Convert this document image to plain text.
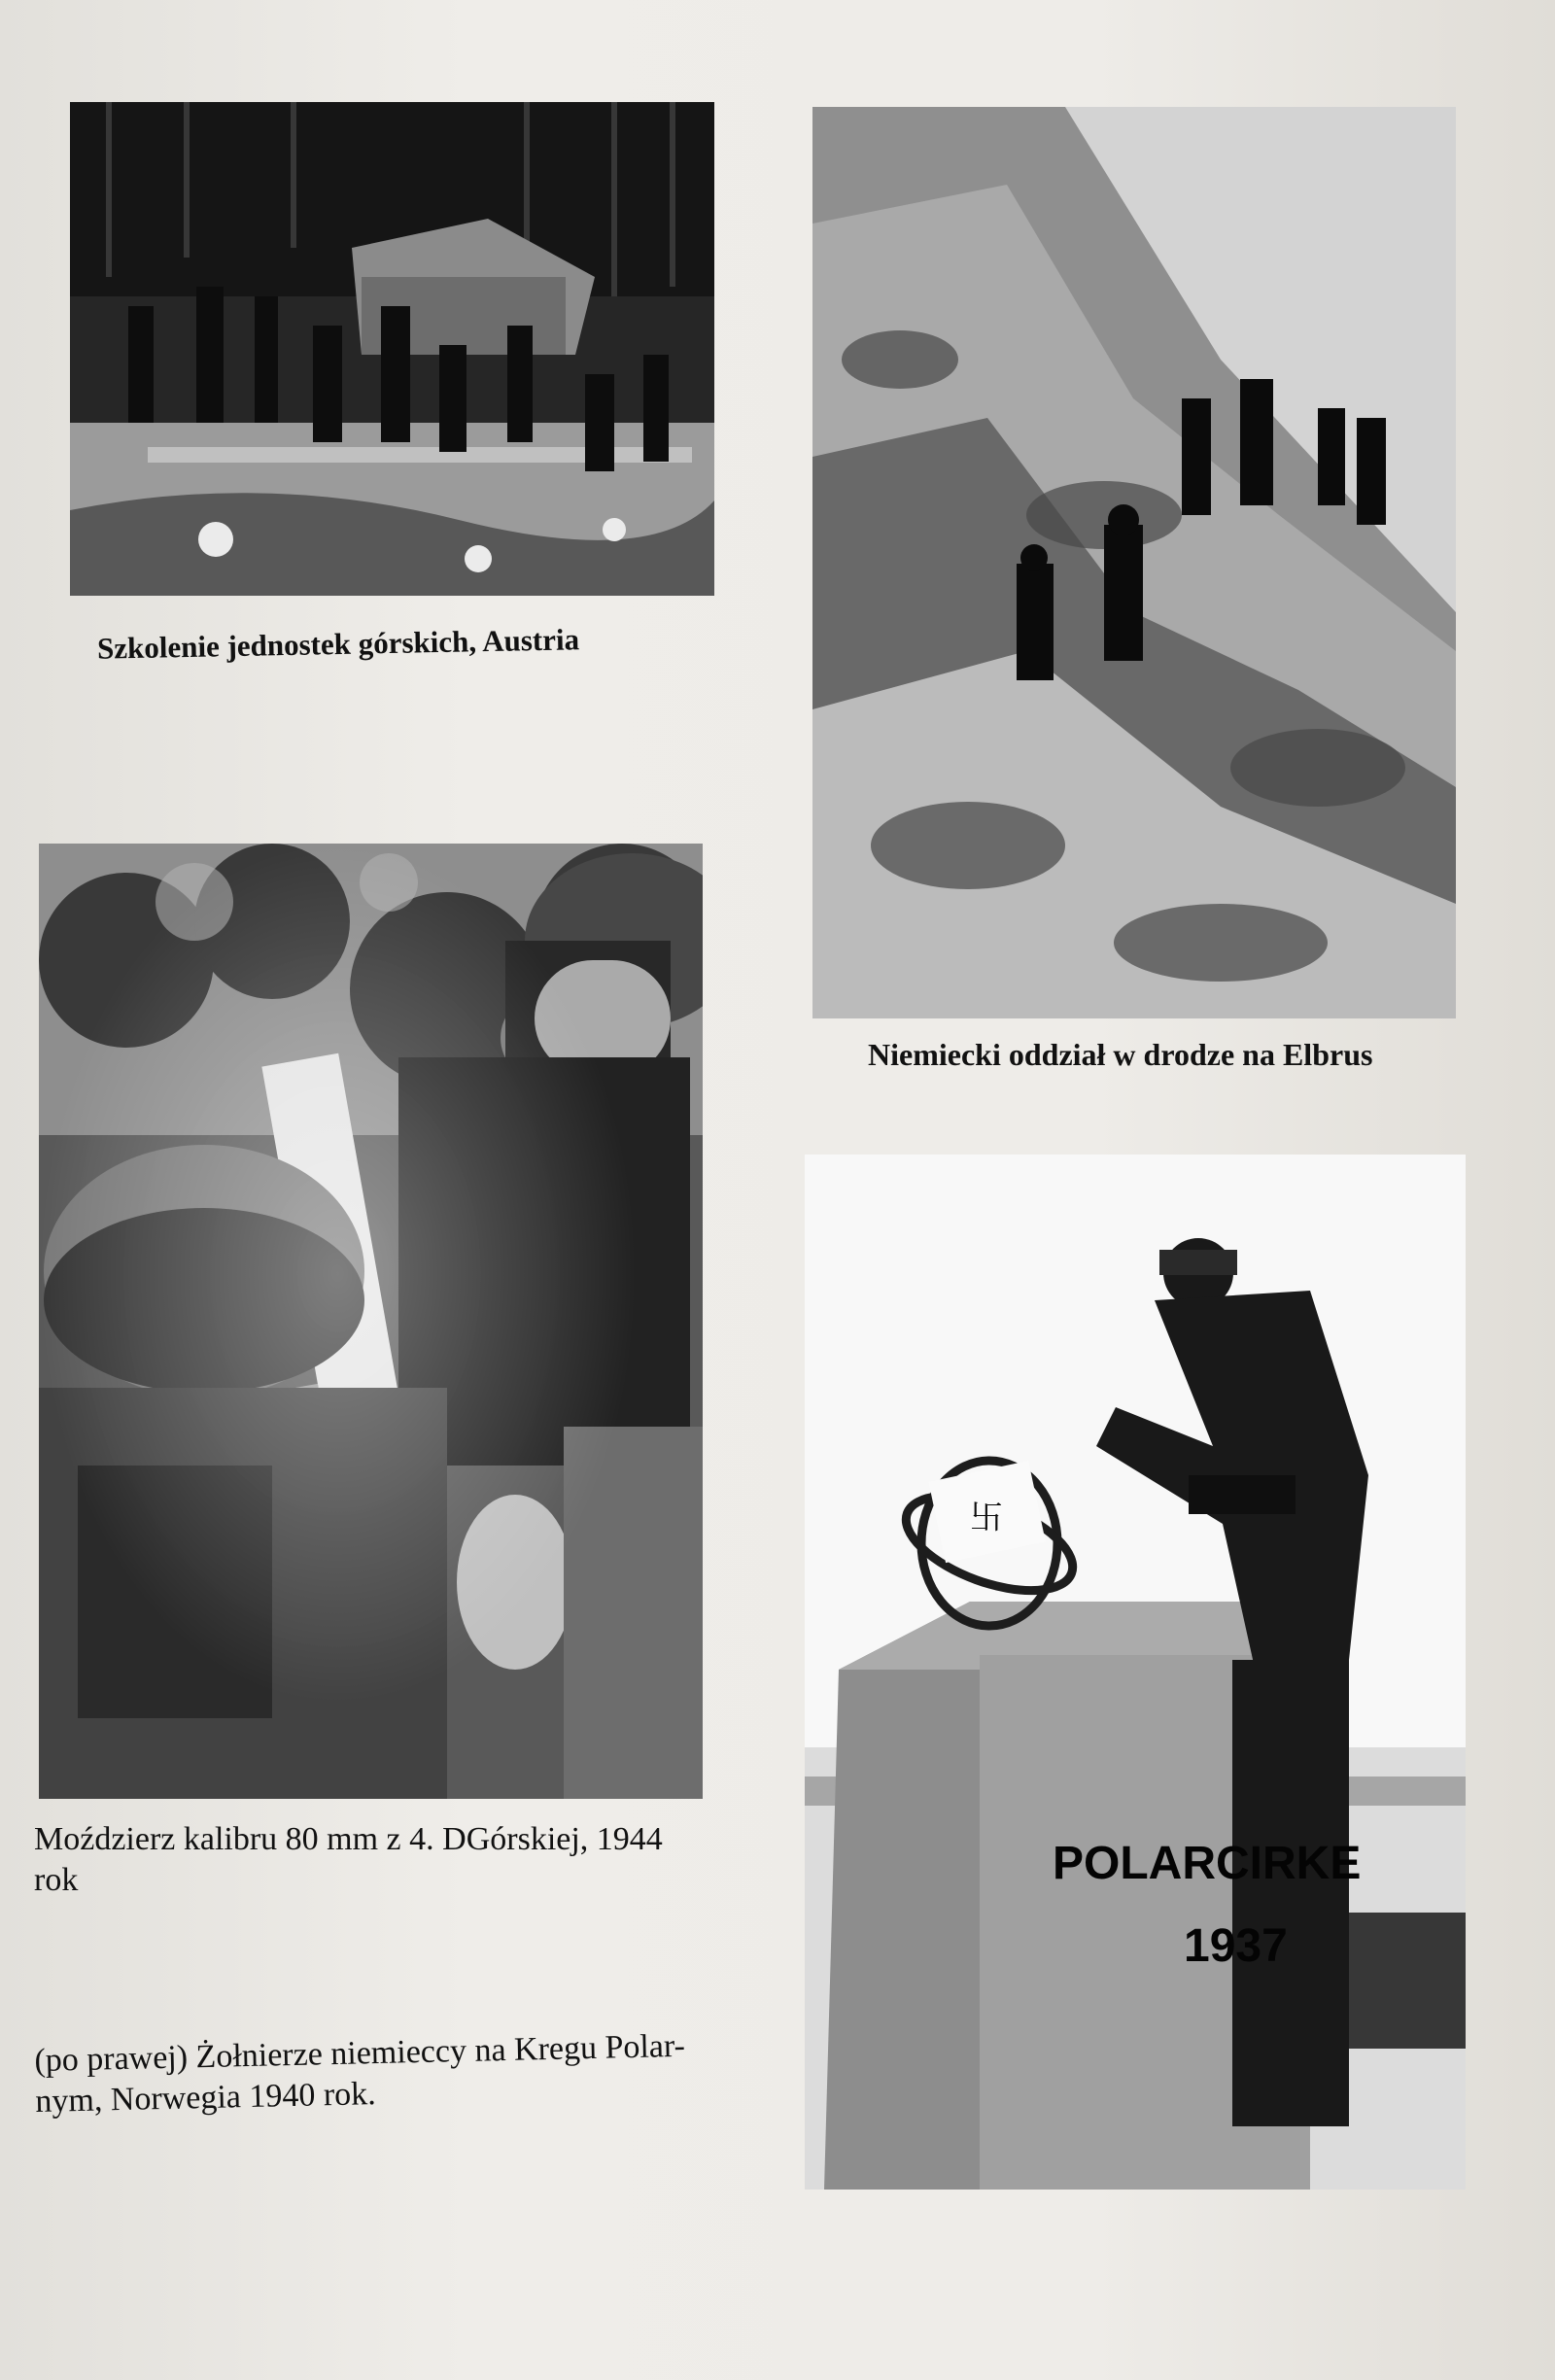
Szkolenie jednostek górskich, Austria
Niemiecki oddział w drodze na Elbrus
Moździerz kalibru 80 mm z 4. DGórskiej, 1944
rok
卐
POLARCIRKE
1937
(po prawej) Żołnierze niemieccy na Kregu Polar-
nym, Norwegia 1940 rok.
